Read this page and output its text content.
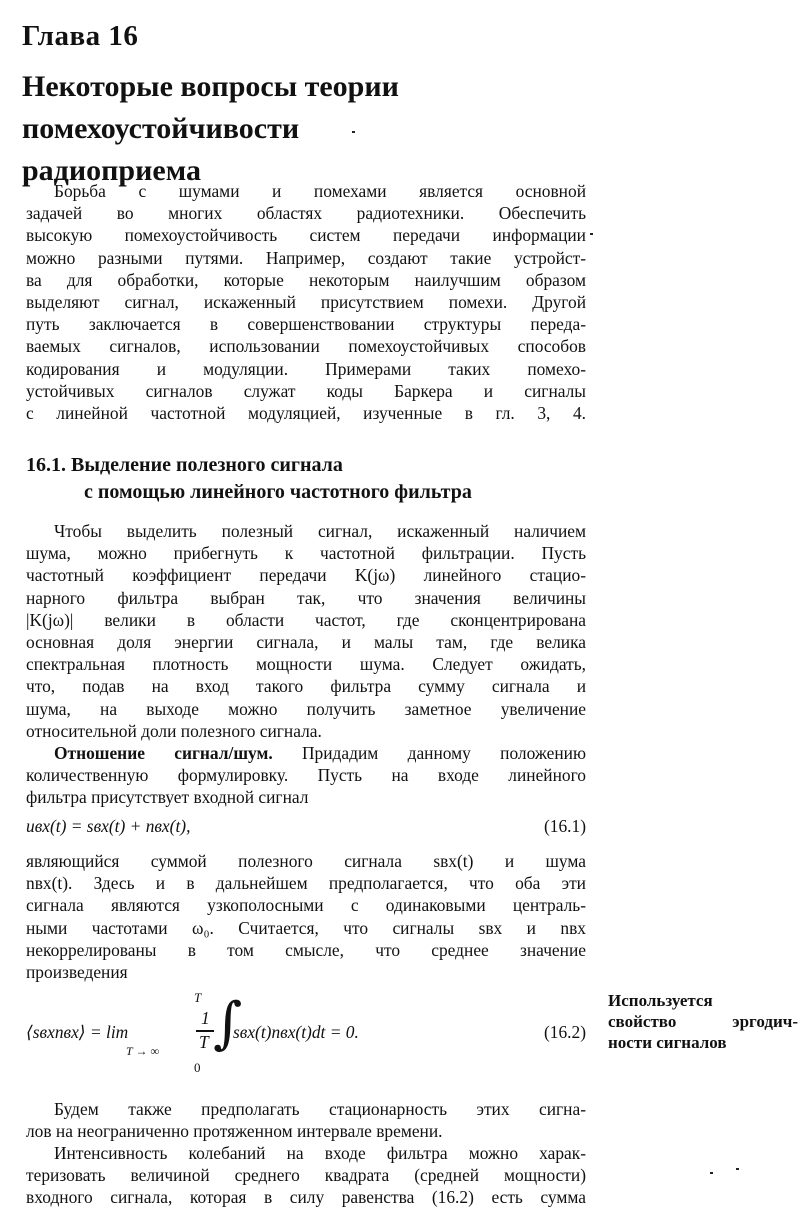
Глава 16
Некоторые вопросы теории
помехоустойчивости
радиоприема
Борьба с шумами и помехами является основной
задачей во многих областях радиотехники. Обеспечить
высокую помехоустойчивость систем передачи информации
можно разными путями. Например, создают такие устройст-
ва для обработки, которые некоторым наилучшим образом
выделяют сигнал, искаженный присутствием помехи. Другой
путь заключается в совершенствовании структуры переда-
ваемых сигналов, использовании помехоустойчивых способов
кодирования и модуляции. Примерами таких помехо-
устойчивых сигналов служат коды Баркера и сигналы
с линейной частотной модуляцией, изученные в гл. 3, 4.
16.1. Выделение полезного сигнала
с помощью линейного частотного фильтра
Чтобы выделить полезный сигнал, искаженный наличием
шума, можно прибегнуть к частотной фильтрации. Пусть
частотный коэффициент передачи K(jω) линейного стацио-
нарного фильтра выбран так, что значения величины
|K(jω)| велики в области частот, где сконцентрирована
основная доля энергии сигнала, и малы там, где велика
спектральная плотность мощности шума. Следует ожидать,
что, подав на вход такого фильтра сумму сигнала и
шума, на выходе можно получить заметное увеличение
относительной доли полезного сигнала.
Отношение сигнал/шум. Придадим данному положению
количественную формулировку. Пусть на входе линейного
фильтра присутствует входной сигнал
uвх(t) = sвх(t) + nвх(t),	(16.1)
являющийся суммой полезного сигнала sвх(t) и шума
nвх(t). Здесь и в дальнейшем предполагается, что оба эти
сигнала являются узкополосными с одинаковыми централь-
ными частотами ω₀. Считается, что сигналы sвх и nвх
некоррелированы в том смысле, что среднее значение
произведения
⟨sвхnвх⟩ = lim
T → ∞
1
T
T ∫
0
sвх(t)nвх(t)dt = 0.	(16.2)
Используется
свойство эргодич-
ности сигналов
Будем также предполагать стационарность этих сигна-
лов на неограниченно протяженном интервале времени.
Интенсивность колебаний на входе фильтра можно харак-
теризовать величиной среднего квадрата (средней мощности)
входного сигнала, которая в силу равенства (16.2) есть сумма
